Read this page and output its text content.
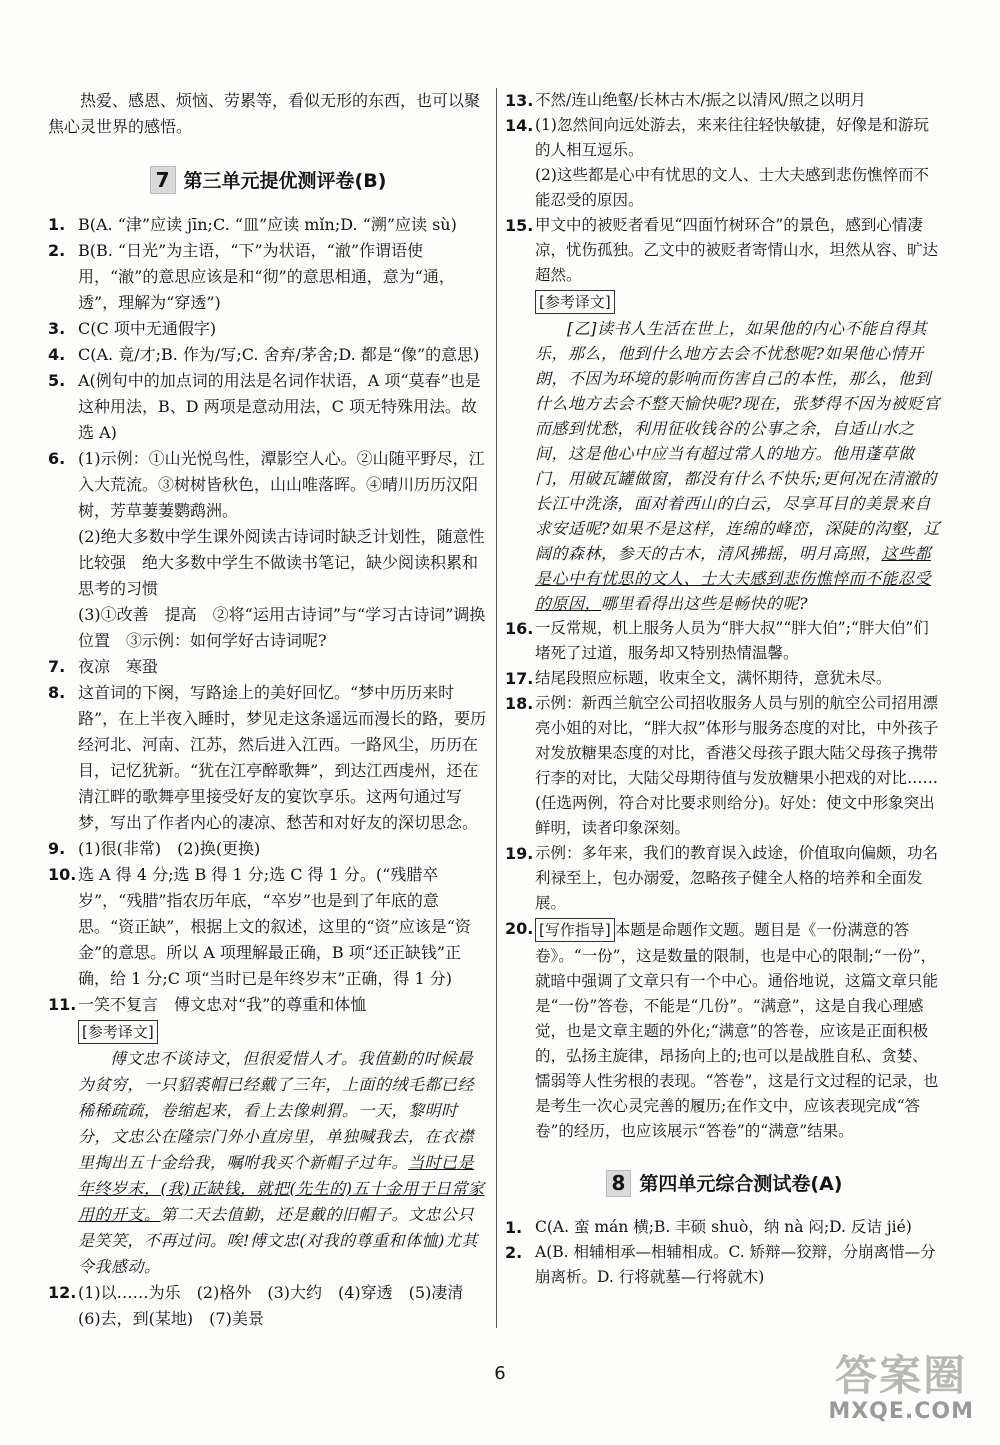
热爱、感恩、烦恼、劳累等，看似无形的东西，也可以聚焦心灵世界的感悟。

7 第三单元提优测评卷(B)
1. B(A. “津”应读 jīn;C. “皿”应读 mǐn;D. “溯”应读 sù)
2. B(B. “日光”为主语，“下”为状语，“澈”作谓语使用，“澈”的意思应该是和“彻”的意思相通，意为“通，透”，理解为“穿透”)
3. C(C 项中无通假字)
4. C(A. 竟/才;B. 作为/写;C. 舍弃/茅舍;D. 都是“像”的意思)
5. A(例句中的加点词的用法是名词作状语，A 项“莫春”也是这种用法，B、D 两项是意动用法，C 项无特殊用法。故选 A)
6. (1)示例：①山光悦鸟性，潭影空人心。②山随平野尽，江入大荒流。③树树皆秋色，山山唯落晖。④晴川历历汉阳树，芳草萋萋鹦鹉洲。
(2)绝大多数中学生课外阅读古诗词时缺乏计划性，随意性比较强　绝大多数中学生不做读书笔记，缺少阅读积累和思考的习惯
(3)①改善　提高　②将“运用古诗词”与“学习古诗词”调换位置　③示例：如何学好古诗词呢?
7. 夜凉　寒蛩
8. 这首词的下阕，写路途上的美好回忆。“梦中历历来时路”，在上半夜入睡时，梦见走这条遥远而漫长的路，要历经河北、河南、江苏，然后进入江西。一路风尘，历历在目，记忆犹新。“犹在江亭醉歌舞”，到达江西虔州，还在清江畔的歌舞亭里接受好友的宴饮享乐。这两句通过写梦，写出了作者内心的凄凉、愁苦和对好友的深切思念。
9. (1)很(非常)　(2)换(更换)
10. 选 A 得 4 分;选 B 得 1 分;选 C 得 1 分。(“残腊卒岁”，“残腊”指农历年底，“卒岁”也是到了年底的意思。“资正缺”，根据上文的叙述，这里的“资”应该是“资金”的意思。所以 A 项理解最正确，B 项“还正缺钱”正确，给 1 分;C 项“当时已是年终岁末”正确，得 1 分)
11. 一笑不复言　傅文忠对“我”的尊重和体恤
[参考译文]
傅文忠不谈诗文，但很爱惜人才。我值勤的时候最为贫穷，一只貂裘帽已经戴了三年，上面的绒毛都已经稀稀疏疏，卷缩起来，看上去像刺猬。一天，黎明时分，文忠公在隆宗门外小直房里，单独喊我去，在衣襟里掏出五十金给我，嘱咐我买个新帽子过年。当时已是年终岁末，(我)正缺钱，就把(先生的)五十金用于日常家用的开支。第二天去值勤，还是戴的旧帽子。文忠公只是笑笑，不再过问。唉!傅文忠(对我的尊重和体恤)尤其令我感动。
12. (1)以……为乐　(2)格外　(3)大约　(4)穿透　(5)凄清　(6)去，到(某地)　(7)美景
13. 不然/连山绝壑/长林古木/振之以清风/照之以明月
14. (1)忽然间向远处游去，来来往往轻快敏捷，好像是和游玩的人相互逗乐。
(2)这些都是心中有忧思的文人、士大夫感到悲伤憔悴而不能忍受的原因。
15. 甲文中的被贬者看见“四面竹树环合”的景色，感到心情凄凉，忧伤孤独。乙文中的被贬者寄情山水，坦然从容、旷达超然。
[参考译文]
[乙]读书人生活在世上，如果他的内心不能自得其乐，那么，他到什么地方去会不忧愁呢?如果他心情开朗，不因为环境的影响而伤害自己的本性，那么，他到什么地方去会不整天愉快呢?现在，张梦得不因为被贬官而感到忧愁，利用征收钱谷的公事之余，自适山水之间，这是他心中应当有超过常人的地方。他用蓬草做门，用破瓦罐做窗，都没有什么不快乐;更何况在清澈的长江中洗涤，面对着西山的白云，尽享耳目的美景来自求安适呢?如果不是这样，连绵的峰峦，深陡的沟壑，辽阔的森林，参天的古木，清风拂摇，明月高照，这些都是心中有忧思的文人、士大夫感到悲伤憔悴而不能忍受的原因，哪里看得出这些是畅快的呢?
16. 一反常规，机上服务人员为“胖大叔”“胖大伯”;“胖大伯”们堵死了过道，服务却又特别热情温馨。
17. 结尾段照应标题，收束全文，满怀期待，意犹未尽。
18. 示例：新西兰航空公司招收服务人员与别的航空公司招用漂亮小姐的对比，“胖大叔”体形与服务态度的对比，中外孩子对发放糖果态度的对比，香港父母孩子跟大陆父母孩子携带行李的对比，大陆父母期待值与发放糖果小把戏的对比……(任选两例，符合对比要求则给分)。好处：使文中形象突出鲜明，读者印象深刻。
19. 示例：多年来，我们的教育误入歧途，价值取向偏颇，功名利禄至上，包办溺爱，忽略孩子健全人格的培养和全面发展。
20. [写作指导] 本题是命题作文题。题目是《一份满意的答卷》。“一份”，这是数量的限制，也是中心的限制;“一份”，就暗中强调了文章只有一个中心。通俗地说，这篇文章只能是“一份”答卷，不能是“几份”。“满意”，这是自我心理感觉，也是文章主题的外化;“满意”的答卷，应该是正面积极的，弘扬主旋律，昂扬向上的;也可以是战胜自私、贪婪、懦弱等人性劣根的表现。“答卷”，这是行文过程的记录，也是考生一次心灵完善的履历;在作文中，应该表现完成“答卷”的经历，也应该展示“答卷”的“满意”结果。
8 第四单元综合测试卷(A)
1. C(A. 蛮 mán 横;B. 丰硕 shuò，纳 nà 闷;D. 反诘 jié)
2. A(B. 相辅相承—相辅相成。C. 矫辩—狡辩，分崩离惜—分崩离析。D. 行将就墓—行将就木)
6	答案圈
MXQE.COM
